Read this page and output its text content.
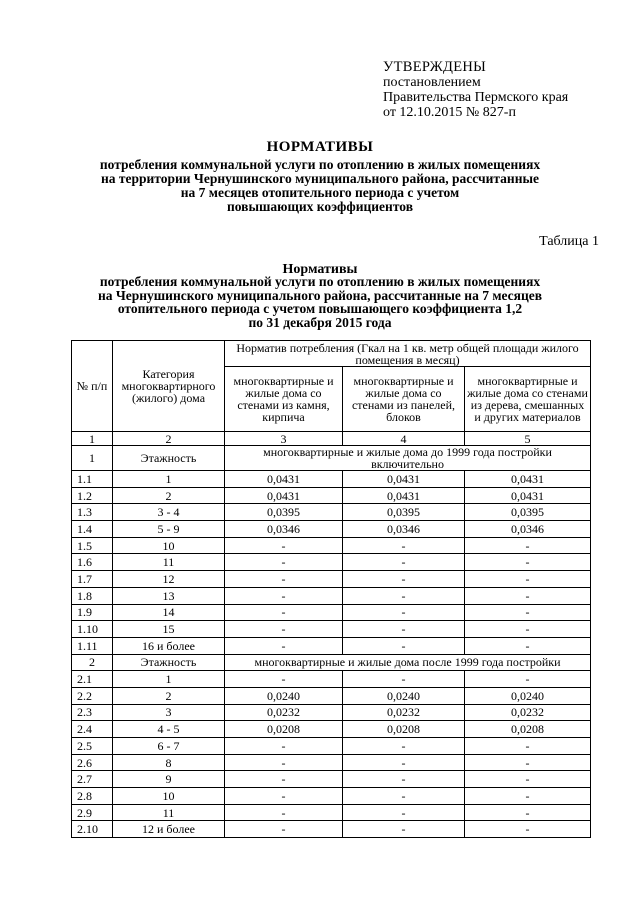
УТВЕРЖДЕНЫ
постановлением
Правительства Пермского края
от 12.10.2015 № 827-п
НОРМАТИВЫ
потребления коммунальной услуги по отоплению в жилых помещениях
на территории Чернушинского муниципального района, рассчитанные
на 7 месяцев отопительного периода с учетом
повышающих коэффициентов
Таблица 1
Нормативы
потребления коммунальной услуги по отоплению в жилых помещениях
на Чернушинского муниципального района, рассчитанные на 7 месяцев
отопительного периода с учетом повышающего коэффициента 1,2
по 31 декабря 2015 года
№ п/п	Категория многоквартирного (жилого) дома	Норматив потребления (Гкал на 1 кв. метр общей площади жилого помещения в месяц)		
		многоквартирные и жилые дома со стенами из камня, кирпича	многоквартирные и жилые дома со стенами из панелей, блоков	многоквартирные и жилые дома со стенами из дерева, смешанных и других материалов
1	2	3	4	5
1	Этажность	многоквартирные и жилые дома до 1999 года постройки включительно		
1.1	1	0,0431	0,0431	0,0431
1.2	2	0,0431	0,0431	0,0431
1.3	3 - 4	0,0395	0,0395	0,0395
1.4	5 - 9	0,0346	0,0346	0,0346
1.5	10	-	-	-
1.6	11	-	-	-
1.7	12	-	-	-
1.8	13	-	-	-
1.9	14	-	-	-
1.10	15	-	-	-
1.11	16 и более	-	-	-
2	Этажность	многоквартирные и жилые дома после 1999 года постройки		
2.1	1	-	-	-
2.2	2	0,0240	0,0240	0,0240
2.3	3	0,0232	0,0232	0,0232
2.4	4 - 5	0,0208	0,0208	0,0208
2.5	6 - 7	-	-	-
2.6	8	-	-	-
2.7	9	-	-	-
2.8	10	-	-	-
2.9	11	-	-	-
2.10	12 и более	-	-	-
